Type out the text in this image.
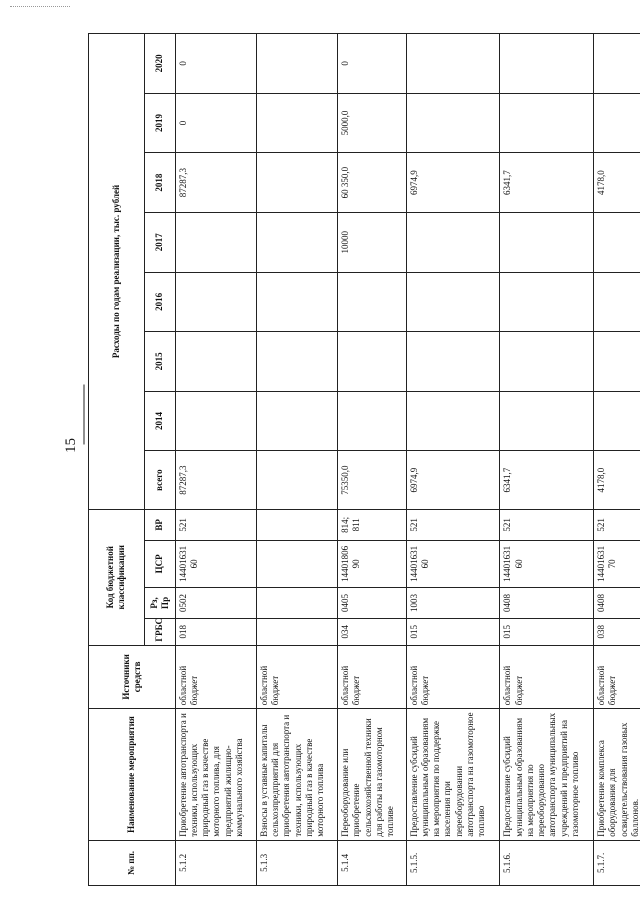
15
№ пп.	Наименование мероприятия	Источники средств	Код бюджетной классификации				Расходы по годам реализации, тыс. рублей							
			ГРБС	Рз, Пр	ЦСР	ВР	всего	2014	2015	2016	2017	2018	2019	2020
5.1.2	Приобретение автотранспорта и техники, использующих природный газ в качестве моторного топлива, для предприятий жилищно-коммунального хозяйства	областной бюджет	018	0502	14401631 60	521	87287,3					87287,3	0	0
5.1.3	Взносы в уставные капиталы сельхозпредприятий для приобретения автотранспорта и техники, использующих природный газ в качестве моторного топлива	областной бюджет												
5.1.4	Переоборудование или приобретение сельскохозяйственной техники для работы на газомоторном топливе	областной бюджет	034	0405	14401806 90	814; 811	75350,0				10000	60 350,0	5000,0	0
5.1.5.	Предоставление субсидий муниципальным образованиям на мероприятия по поддержке населения при переоборудовании автотранспорта на газомоторное топливо	областной бюджет	015	1003	14401631 60	521	6974,9					6974,9		
5.1.6.	Предоставление субсидий муниципальным образованиям на мероприятия по переоборудованию автотранспорта муниципальных учреждений и предприятий на газомоторное топливо	областной бюджет	015	0408	14401631 60	521	6341,7					6341,7		
5.1.7.	Приобретение комплекса оборудования для освидетельствования газовых баллонов.	областной бюджет	038	0408	14401631 70	521	4178,0					4178,0		
